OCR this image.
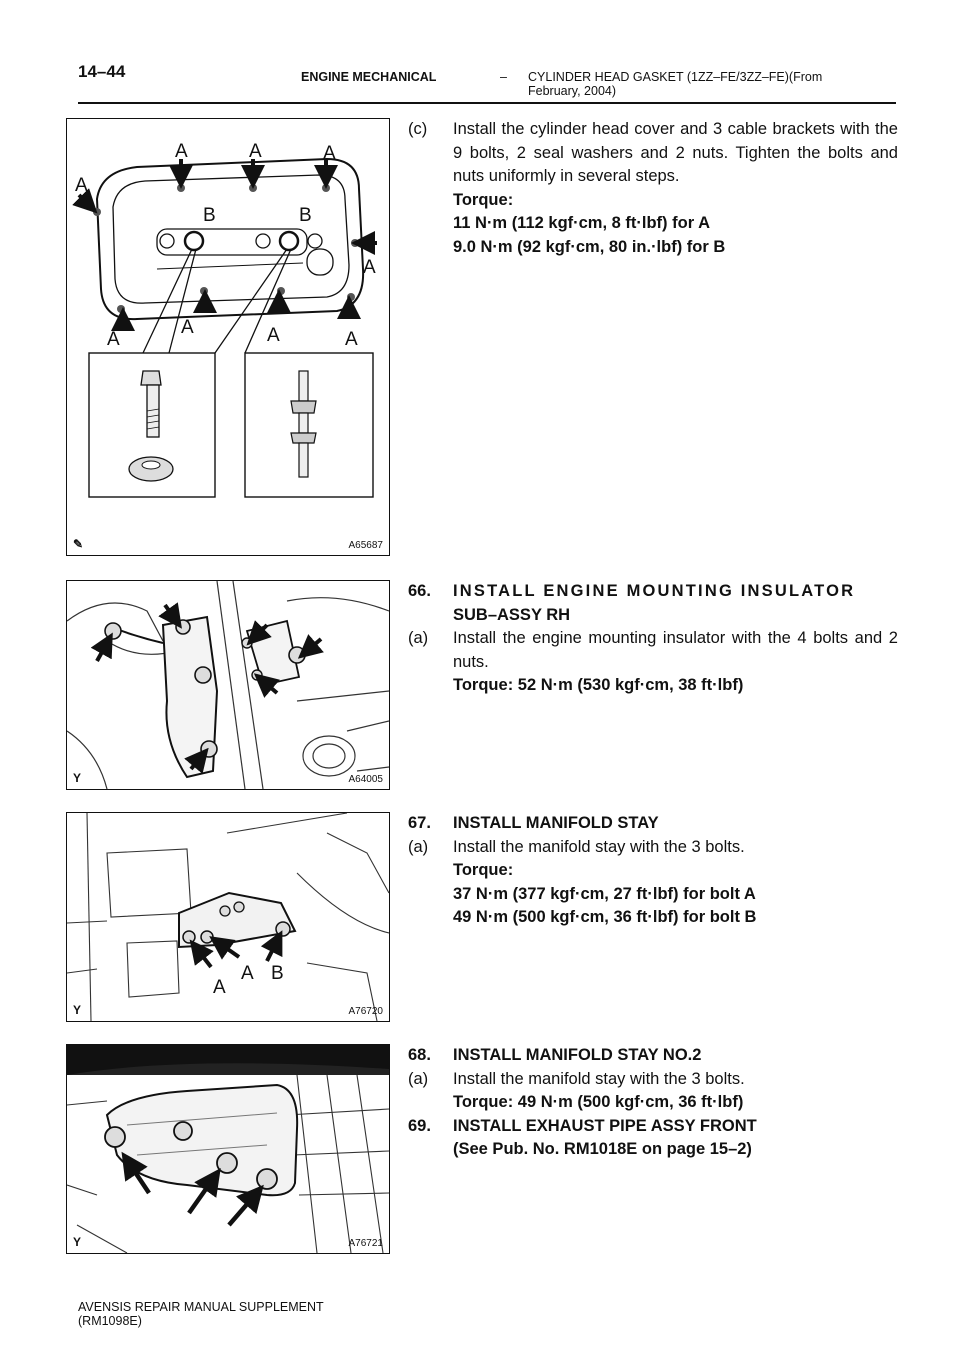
14–44	ENGINE MECHANICAL	– CYLINDER HEAD GASKET (1ZZ–FE/3ZZ–FE)(From February, 2004)
A	A	A
A
A
A
A	A	A
B	B
✎	A65687
Y	A64005
A
A B
Y	A76720
Y	A76721
(c)	Install the cylinder head cover and 3 cable brackets with the 9 bolts, 2 seal washers and 2 nuts. Tighten the bolts and nuts uniformly in several steps.
Torque:
11 N·m (112 kgf·cm, 8 ft·lbf) for A
9.0 N·m (92 kgf·cm, 80 in.·lbf) for B
66.	INSTALL ENGINE MOUNTING INSULATOR
SUB–ASSY RH
(a)	Install the engine mounting insulator with the 4 bolts and 2 nuts.
Torque: 52 N·m (530 kgf·cm, 38 ft·lbf)
67.	INSTALL MANIFOLD STAY
(a)	Install the manifold stay with the 3 bolts.
Torque:
37 N·m (377 kgf·cm, 27 ft·lbf) for bolt A
49 N·m (500 kgf·cm, 36 ft·lbf) for bolt B
68.	INSTALL MANIFOLD STAY NO.2
(a)	Install the manifold stay with the 3 bolts.
Torque: 49 N·m (500 kgf·cm, 36 ft·lbf)
69.	INSTALL EXHAUST PIPE ASSY FRONT
(See Pub. No. RM1018E on page 15–2)
AVENSIS REPAIR MANUAL SUPPLEMENT
(RM1098E)
